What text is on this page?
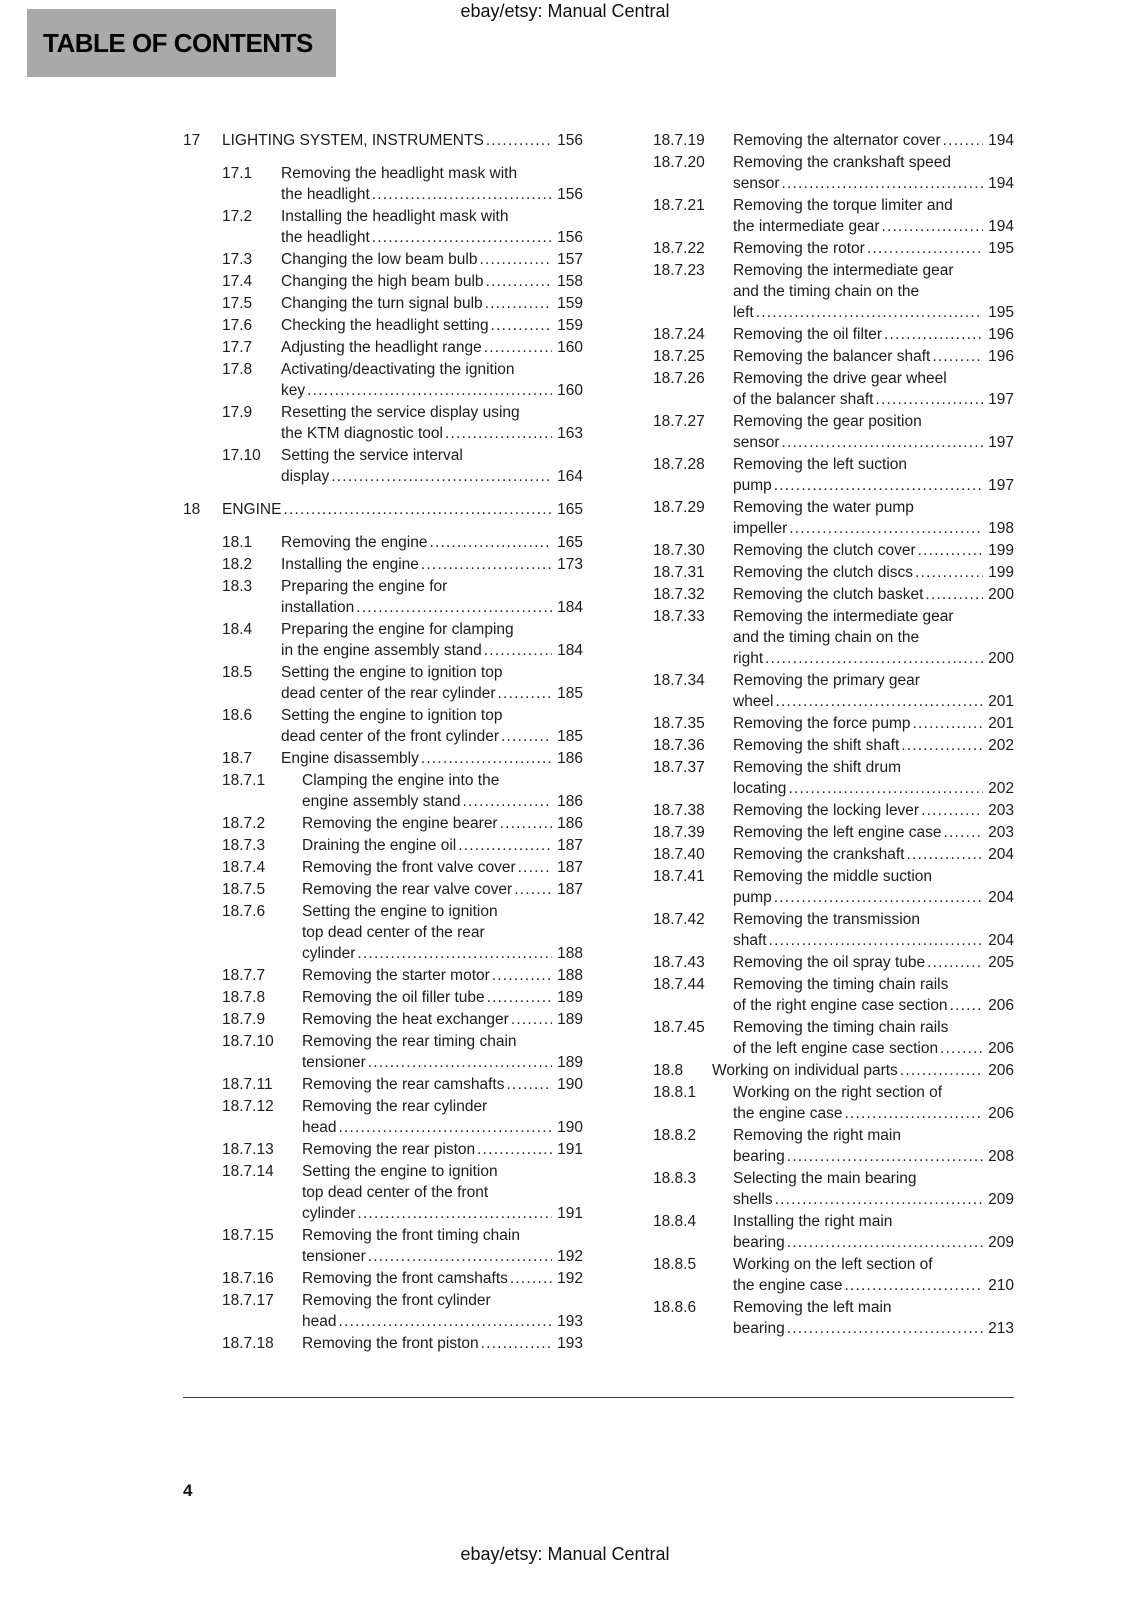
ebay/etsy: Manual Central
TABLE OF CONTENTS
17	LIGHTING SYSTEM, INSTRUMENTS .....	156
17.1	Removing the headlight mask with
the headlight .....	156
17.2	Installing the headlight mask with
the headlight .....	156
17.3	Changing the low beam bulb .....	157
17.4	Changing the high beam bulb .....	158
17.5	Changing the turn signal bulb .....	159
17.6	Checking the headlight setting .....	159
17.7	Adjusting the headlight range .....	160
17.8	Activating/deactivating the ignition
key .....	160
17.9	Resetting the service display using
the KTM diagnostic tool .....	163
17.10	Setting the service interval
display .....	164
18	ENGINE .....	165
18.1	Removing the engine .....	165
18.2	Installing the engine .....	173
18.3	Preparing the engine for
installation .....	184
18.4	Preparing the engine for clamping
in the engine assembly stand .....	184
18.5	Setting the engine to ignition top
dead center of the rear cylinder .....	185
18.6	Setting the engine to ignition top
dead center of the front cylinder .....	185
18.7	Engine disassembly .....	186
18.7.1	Clamping the engine into the
engine assembly stand .....	186
18.7.2	Removing the engine bearer .....	186
18.7.3	Draining the engine oil .....	187
18.7.4	Removing the front valve cover .....	187
18.7.5	Removing the rear valve cover .....	187
18.7.6	Setting the engine to ignition
top dead center of the rear
cylinder .....	188
18.7.7	Removing the starter motor .....	188
18.7.8	Removing the oil filler tube .....	189
18.7.9	Removing the heat exchanger .....	189
18.7.10	Removing the rear timing chain
tensioner .....	189
18.7.11	Removing the rear camshafts .....	190
18.7.12	Removing the rear cylinder
head .....	190
18.7.13	Removing the rear piston .....	191
18.7.14	Setting the engine to ignition
top dead center of the front
cylinder .....	191
18.7.15	Removing the front timing chain
tensioner .....	192
18.7.16	Removing the front camshafts .....	192
18.7.17	Removing the front cylinder
head .....	193
18.7.18	Removing the front piston .....	193
18.7.19	Removing the alternator cover .....	194
18.7.20	Removing the crankshaft speed
sensor .....	194
18.7.21	Removing the torque limiter and
the intermediate gear .....	194
18.7.22	Removing the rotor .....	195
18.7.23	Removing the intermediate gear
and the timing chain on the
left .....	195
18.7.24	Removing the oil filter .....	196
18.7.25	Removing the balancer shaft .....	196
18.7.26	Removing the drive gear wheel
of the balancer shaft .....	197
18.7.27	Removing the gear position
sensor .....	197
18.7.28	Removing the left suction
pump .....	197
18.7.29	Removing the water pump
impeller .....	198
18.7.30	Removing the clutch cover .....	199
18.7.31	Removing the clutch discs .....	199
18.7.32	Removing the clutch basket .....	200
18.7.33	Removing the intermediate gear
and the timing chain on the
right .....	200
18.7.34	Removing the primary gear
wheel .....	201
18.7.35	Removing the force pump .....	201
18.7.36	Removing the shift shaft .....	202
18.7.37	Removing the shift drum
locating .....	202
18.7.38	Removing the locking lever .....	203
18.7.39	Removing the left engine case .....	203
18.7.40	Removing the crankshaft .....	204
18.7.41	Removing the middle suction
pump .....	204
18.7.42	Removing the transmission
shaft .....	204
18.7.43	Removing the oil spray tube .....	205
18.7.44	Removing the timing chain rails
of the right engine case section .....	206
18.7.45	Removing the timing chain rails
of the left engine case section .....	206
18.8	Working on individual parts .....	206
18.8.1	Working on the right section of
the engine case .....	206
18.8.2	Removing the right main
bearing .....	208
18.8.3	Selecting the main bearing
shells .....	209
18.8.4	Installing the right main
bearing .....	209
18.8.5	Working on the left section of
the engine case .....	210
18.8.6	Removing the left main
bearing .....	213
4
ebay/etsy: Manual Central
